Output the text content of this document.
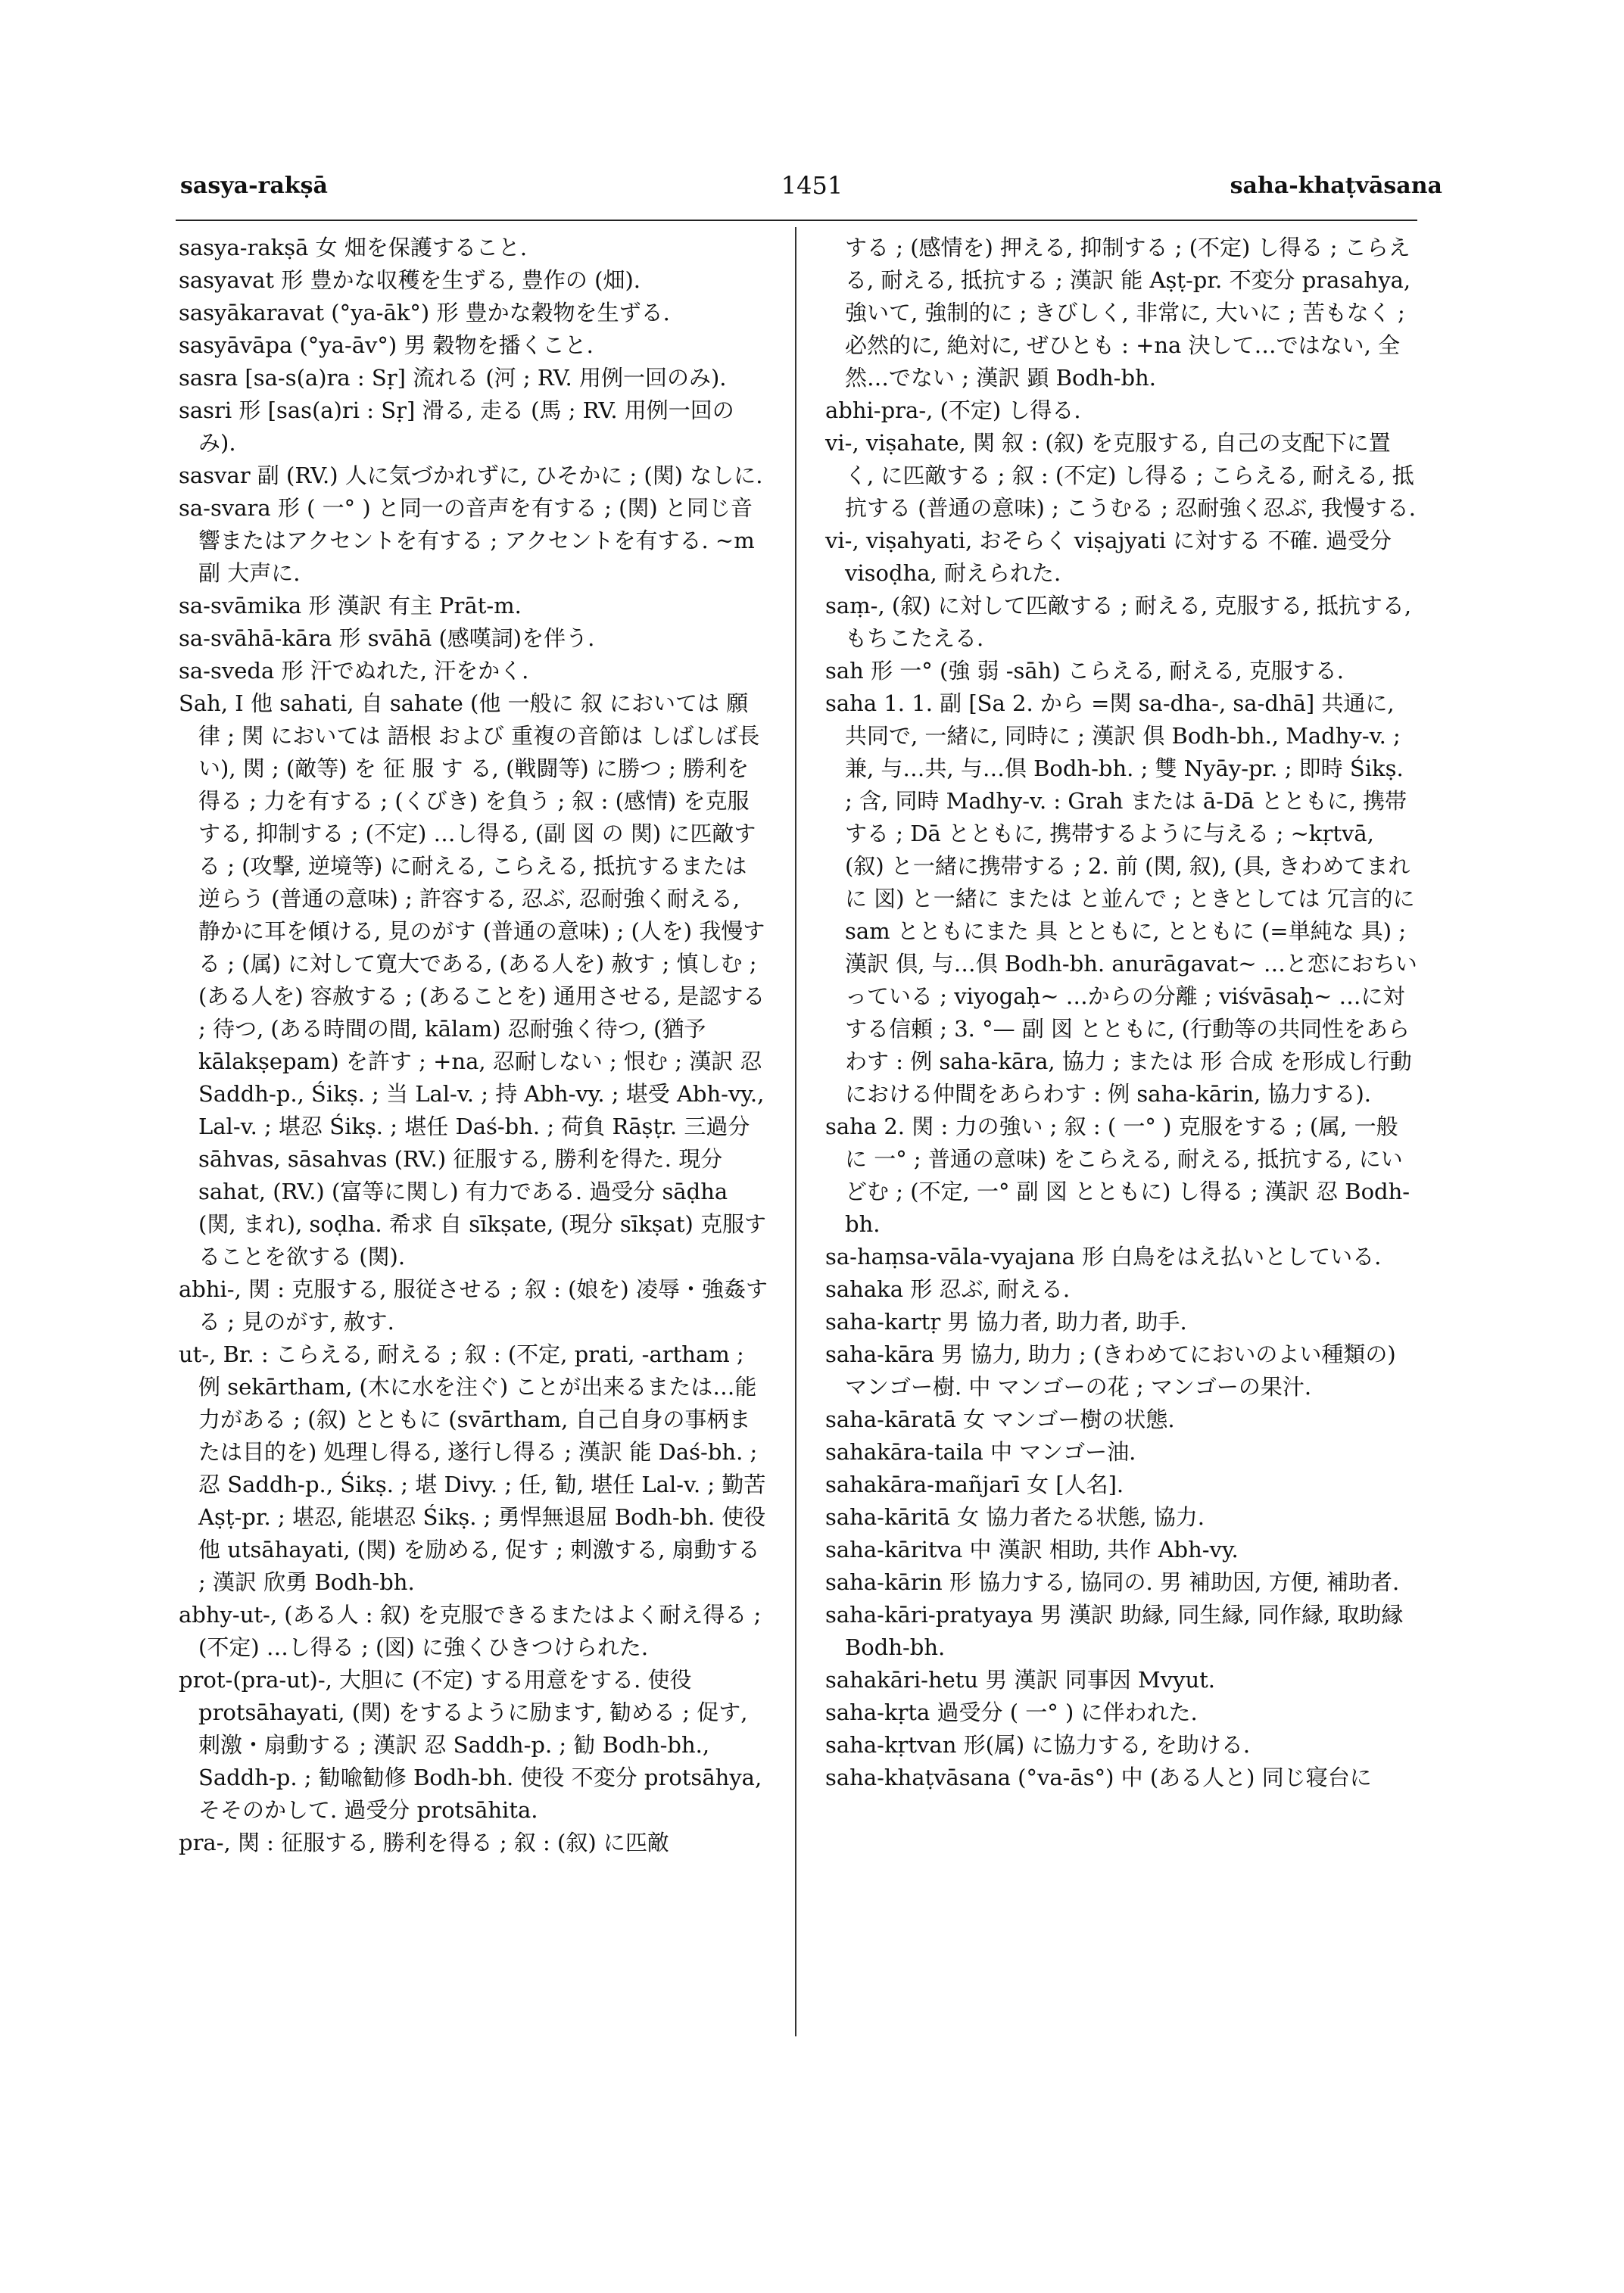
sasya-rakṣā	1451	saha-khaṭvāsana

sasya-rakṣā 女 畑を保護すること.

sasyavat 形 豊かな収穫を生ずる, 豊作の (畑).

sasyākaravat (°ya-āk°) 形 豊かな穀物を生ずる.

sasyāvāpa (°ya-āv°) 男 穀物を播くこと.

sasra [sa-s(a)ra : Sṛ] 流れる (河 ; RV. 用例一回のみ).

sasri 形 [sas(a)ri : Sṛ] 滑る, 走る (馬 ; RV. 用例一回のみ).

sasvar 副 (RV.) 人に気づかれずに, ひそかに ; (関) なしに.

sa-svara 形 ( 一° ) と同一の音声を有する ; (関) と同じ音響またはアクセントを有する ; アクセントを有する. ~m 副 大声に.

sa-svāmika 形 漢訳 有主 Prāt-m.

sa-svāhā-kāra 形 svāhā (感嘆詞)を伴う.

sa-sveda 形 汗でぬれた, 汗をかく.

Sah, I 他 sahati, 自 sahate (他 一般に 叙 においては 願律 ; 関 においては 語根 および 重複の音節は しばしば長い), 関 ; (敵等) を 征 服 す る, (戦闘等) に勝つ ; 勝利を得る ; 力を有する ; (くびき) を負う ; 叙 : (感情) を克服する, 抑制する ; (不定) …し得る, (副 図 の 関) に匹敵する ; (攻撃, 逆境等) に耐える, こらえる, 抵抗するまたは逆らう (普通の意味) ; 許容する, 忍ぶ, 忍耐強く耐える, 静かに耳を傾ける, 見のがす (普通の意味) ; (人を) 我慢する ; (属) に対して寛大である, (ある人を) 赦す ; 慎しむ ; (ある人を) 容赦する ; (あることを) 通用させる, 是認する ; 待つ, (ある時間の間, kālam) 忍耐強く待つ, (猶予 kālakṣepam) を許す ; +na, 忍耐しない ; 恨む ; 漢訳 忍 Saddh-p., Śikṣ. ; 当 Lal-v. ; 持 Abh-vy. ; 堪受 Abh-vy., Lal-v. ; 堪忍 Śikṣ. ; 堪任 Daś-bh. ; 荷負 Rāṣṭr. 三過分 sāhvas, sāsahvas (RV.) 征服する, 勝利を得た. 現分 sahat, (RV.) (富等に関し) 有力である. 過受分 sāḍha (関, まれ), soḍha. 希求 自 sīkṣate, (現分 sīkṣat) 克服することを欲する (関).

abhi-, 関 : 克服する, 服従させる ; 叙 : (娘を) 凌辱・強姦する ; 見のがす, 赦す.

ut-, Br. : こらえる, 耐える ; 叙 : (不定, prati, -artham ; 例 sekārtham, (木に水を注ぐ) ことが出来るまたは…能力がある ; (叙) とともに (svārtham, 自己自身の事柄または目的を) 処理し得る, 遂行し得る ; 漢訳 能 Daś-bh. ; 忍 Saddh-p., Śikṣ. ; 堪 Divy. ; 任, 勧, 堪任 Lal-v. ; 勤苦 Aṣṭ-pr. ; 堪忍, 能堪忍 Śikṣ. ; 勇悍無退屈 Bodh-bh. 使役 他 utsāhayati, (関) を励める, 促す ; 刺激する, 扇動する ; 漢訳 欣勇 Bodh-bh.

abhy-ut-, (ある人 : 叙) を克服できるまたはよく耐え得る ; (不定) …し得る ; (図) に強くひきつけられた.

prot-(pra-ut)-, 大胆に (不定) する用意をする. 使役 protsāhayati, (関) をするように励ます, 勧める ; 促す, 刺激・扇動する ; 漢訳 忍 Saddh-p. ; 勧 Bodh-bh., Saddh-p. ; 勧喩勧修 Bodh-bh. 使役 不変分 protsāhya, そそのかして. 過受分 protsāhita.

pra-, 関 : 征服する, 勝利を得る ; 叙 : (叙) に匹敵

する ; (感情を) 押える, 抑制する ; (不定) し得る ; こらえる, 耐える, 抵抗する ; 漢訳 能 Aṣṭ-pr. 不変分 prasahya, 強いて, 強制的に ; きびしく, 非常に, 大いに ; 苦もなく ; 必然的に, 絶対に, ぜひとも : +na 決して…ではない, 全然…でない ; 漢訳 顕 Bodh-bh.

abhi-pra-, (不定) し得る.

vi-, viṣahate, 関 叙 : (叙) を克服する, 自己の支配下に置く, に匹敵する ; 叙 : (不定) し得る ; こらえる, 耐える, 抵抗する (普通の意味) ; こうむる ; 忍耐強く忍ぶ, 我慢する.

vi-, viṣahyati, おそらく viṣajyati に対する 不確. 過受分 visoḍha, 耐えられた.

saṃ-, (叙) に対して匹敵する ; 耐える, 克服する, 抵抗する, もちこたえる.

sah 形 一° (強 弱 -sāh) こらえる, 耐える, 克服する.

saha 1. 1. 副 [Sa 2. から =関 sa-dha-, sa-dhā] 共通に, 共同で, 一緒に, 同時に ; 漢訳 倶 Bodh-bh., Madhy-v. ; 兼, 与…共, 与…倶 Bodh-bh. ; 雙 Nyāy-pr. ; 即時 Śikṣ. ; 含, 同時 Madhy-v. : Grah または ā-Dā とともに, 携帯する ; Dā とともに, 携帯するように与える ; ~kṛtvā, (叙) と一緒に携帯する ; 2. 前 (関, 叙), (具, きわめてまれに 図) と一緒に または と並んで ; ときとしては 冗言的に sam とともにまた 具 とともに, とともに (=単純な 具) ; 漢訳 倶, 与…倶 Bodh-bh. anurāgavat~ …と恋におちいっている ; viyogaḥ~ …からの分離 ; viśvāsaḥ~ …に対する信頼 ; 3. °— 副 図 とともに, (行動等の共同性をあらわす : 例 saha-kāra, 協力 ; または 形 合成 を形成し行動における仲間をあらわす : 例 saha-kārin, 協力する).

saha 2. 関 : 力の強い ; 叙 : ( 一° ) 克服をする ; (属, 一般に 一° ; 普通の意味) をこらえる, 耐える, 抵抗する, にいどむ ; (不定, 一° 副 図 とともに) し得る ; 漢訳 忍 Bodh-bh.

sa-haṃsa-vāla-vyajana 形 白鳥をはえ払いとしている.

sahaka 形 忍ぶ, 耐える.

saha-kartṛ 男 協力者, 助力者, 助手.

saha-kāra 男 協力, 助力 ; (きわめてにおいのよい種類の) マンゴー樹. 中 マンゴーの花 ; マンゴーの果汁.

saha-kāratā 女 マンゴー樹の状態.

sahakāra-taila 中 マンゴー油.

sahakāra-mañjarī 女 [人名].

saha-kāritā 女 協力者たる状態, 協力.

saha-kāritva 中 漢訳 相助, 共作 Abh-vy.

saha-kārin 形 協力する, 協同の. 男 補助因, 方便, 補助者.

saha-kāri-pratyaya 男 漢訳 助縁, 同生縁, 同作縁, 取助縁 Bodh-bh.

sahakāri-hetu 男 漢訳 同事因 Mvyut.

saha-kṛta 過受分 ( 一° ) に伴われた.

saha-kṛtvan 形(属) に協力する, を助ける.

saha-khaṭvāsana (°va-ās°) 中 (ある人と) 同じ寝台に
